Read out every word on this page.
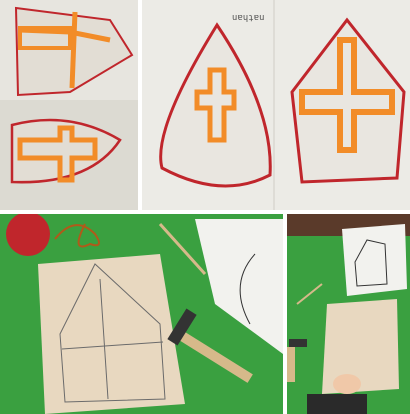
nathan
